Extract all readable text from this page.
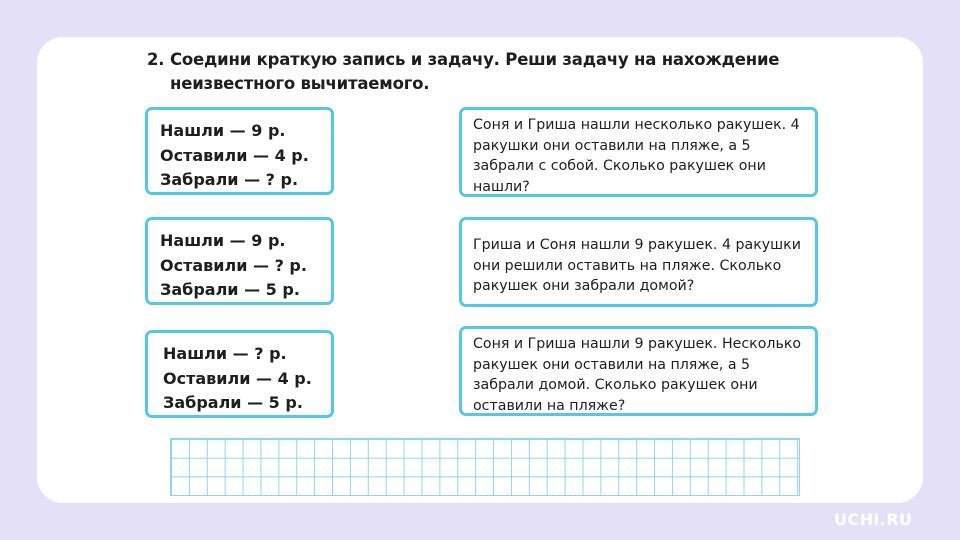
2. Соедини краткую запись и задачу. Реши задачу на нахождение неизвестного вычитаемого.
Нашли — 9 р.
Оставили — 4 р.
Забрали — ? р.
Нашли — 9 р.
Оставили — ? р.
Забрали — 5 р.
Нашли — ? р.
Оставили — 4 р.
Забрали — 5 р.
Соня и Гриша нашли несколько ракушек. 4 ракушки они оставили на пляже, а 5 забрали с собой. Сколько ракушек они нашли?
Гриша и Соня нашли 9 ракушек. 4 ракушки они решили оставить на пляже. Сколько ракушек они забрали домой?
Соня и Гриша нашли 9 ракушек. Несколько ракушек они оставили на пляже, а 5 забрали домой. Сколько ракушек они оставили на пляже?
UCHi.RU
